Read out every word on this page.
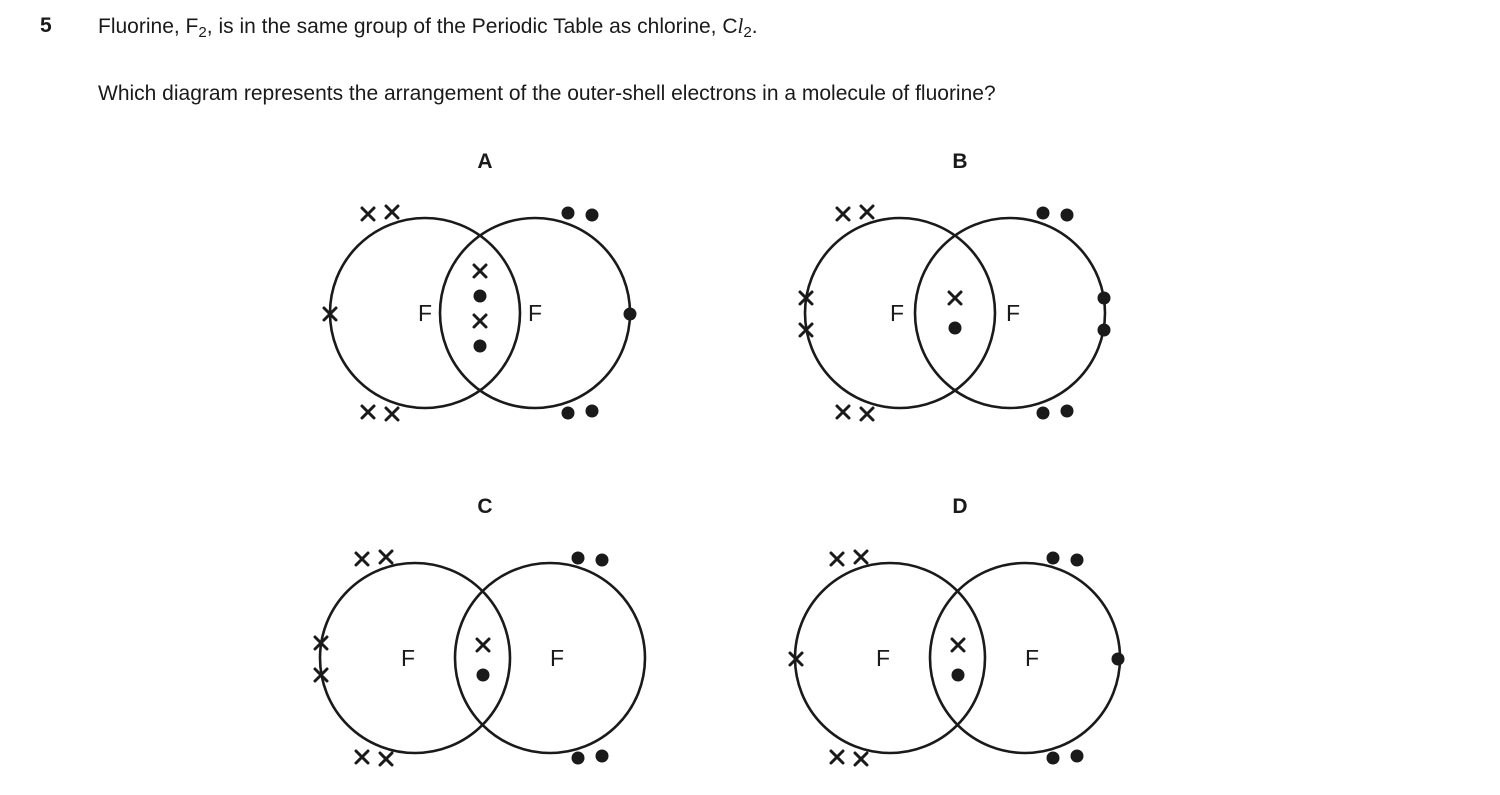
5 Fluorine, $F_2$, is in the same group of the Periodic Table as chlorine, $Cl_2$.
Which diagram represents the arrangement of the outer-shell electrons in a molecule of fluorine?
A
F	F
B
F	F
C
F	F
D
F	F
